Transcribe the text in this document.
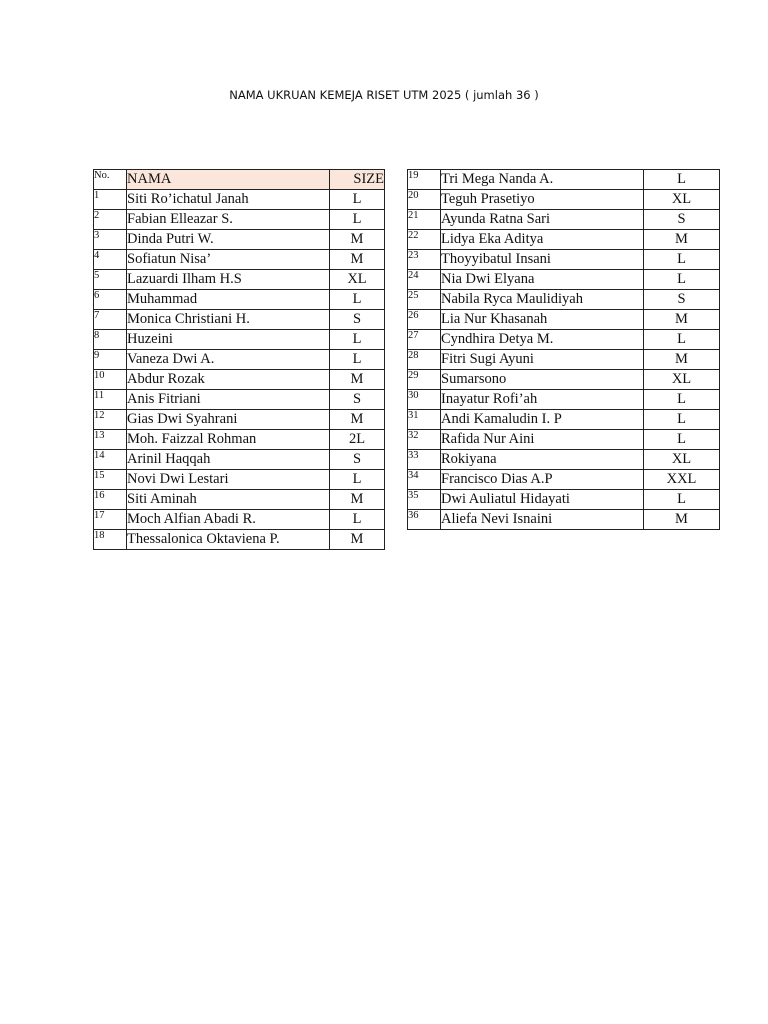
NAMA UKRUAN KEMEJA RISET UTM 2025 ( jumlah 36 )
No.	NAMA	SIZE
1	Siti Ro’ichatul Janah	L
2	Fabian Elleazar S.	L
3	Dinda Putri W.	M
4	Sofiatun Nisa’	M
5	Lazuardi Ilham H.S	XL
6	Muhammad	L
7	Monica Christiani H.	S
8	Huzeini	L
9	Vaneza Dwi A.	L
10	Abdur Rozak	M
11	Anis Fitriani	S
12	Gias Dwi Syahrani	M
13	Moh. Faizzal Rohman	2L
14	Arinil Haqqah	S
15	Novi Dwi Lestari	L
16	Siti Aminah	M
17	Moch Alfian Abadi R.	L
18	Thessalonica Oktaviena P.	M
19	Tri Mega Nanda A.	L
20	Teguh Prasetiyo	XL
21	Ayunda Ratna Sari	S
22	Lidya Eka Aditya	M
23	Thoyyibatul Insani	L
24	Nia Dwi Elyana	L
25	Nabila Ryca Maulidiyah	S
26	Lia Nur Khasanah	M
27	Cyndhira Detya M.	L
28	Fitri Sugi Ayuni	M
29	Sumarsono	XL
30	Inayatur Rofi’ah	L
31	Andi Kamaludin I. P	L
32	Rafida Nur Aini	L
33	Rokiyana	XL
34	Francisco Dias A.P	XXL
35	Dwi Auliatul Hidayati	L
36	Aliefa Nevi Isnaini	M
